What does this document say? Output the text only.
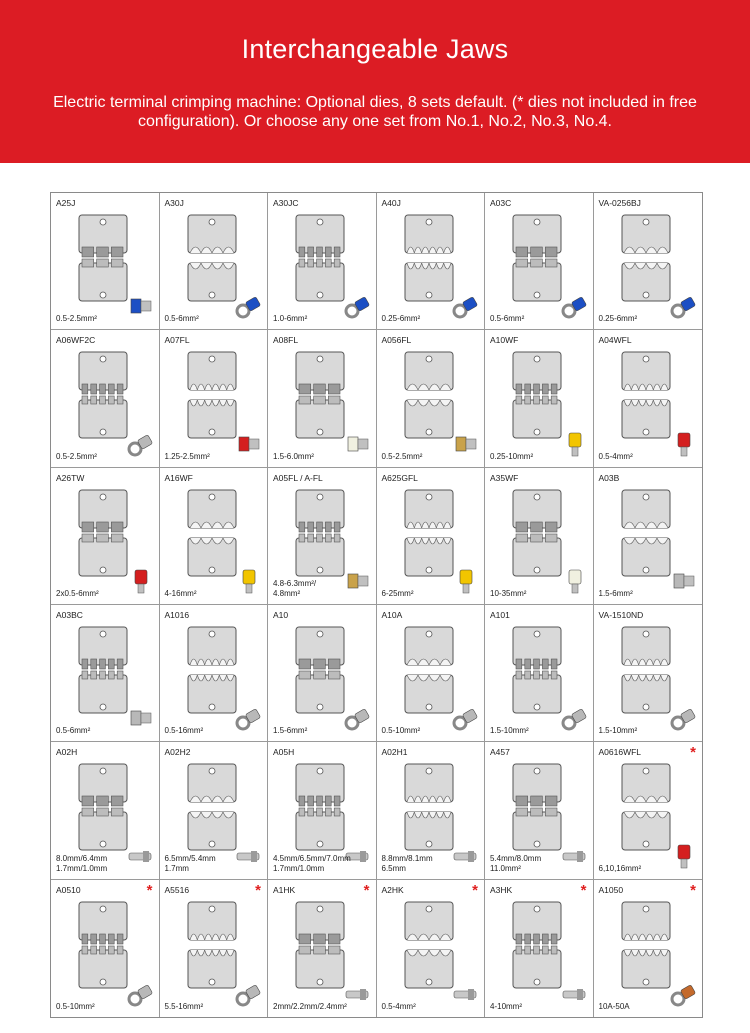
Interchangeable Jaws
Electric terminal crimping machine: Optional dies, 8 sets default. (* dies not included in free configuration). Or choose any one set from No.1, No.2, No.3, No.4.
A25J
0.5-2.5mm²
A30J
0.5-6mm²
A30JC
1.0-6mm²
A40J
0.25-6mm²
A03C
0.5-6mm²
VA-0256BJ
0.25-6mm²
A06WF2C
0.5-2.5mm²
A07FL
1.25-2.5mm²
A08FL
1.5-6.0mm²
A056FL
0.5-2.5mm²
A10WF
0.25-10mm²
A04WFL
0.5-4mm²
A26TW
2x0.5-6mm²
A16WF
4-16mm²
A05FL / A-FL
4.8-6.3mm²/
4.8mm²
A625GFL
6-25mm²
A35WF
10-35mm²
A03B
1.5-6mm²
A03BC
0.5-6mm²
A1016
0.5-16mm²
A10
1.5-6mm²
A10A
0.5-10mm²
A101
1.5-10mm²
VA-1510ND
1.5-10mm²
A02H
8.0mm/6.4mm
1.7mm/1.0mm
A02H2
6.5mm/5.4mm
1.7mm
A05H
4.5mm/6.5mm/7.0mm
1.7mm/1.0mm
A02H1
8.8mm/8.1mm
6.5mm
A457
5.4mm/8.0mm
11.0mm²
A0616WFL	*
6,10,16mm²
A0510	*
0.5-10mm²
A5516	*
5.5-16mm²
A1HK	*
2mm/2.2mm/2.4mm²
A2HK	*
0.5-4mm²
A3HK	*
4-10mm²
A1050	*
10A-50A
